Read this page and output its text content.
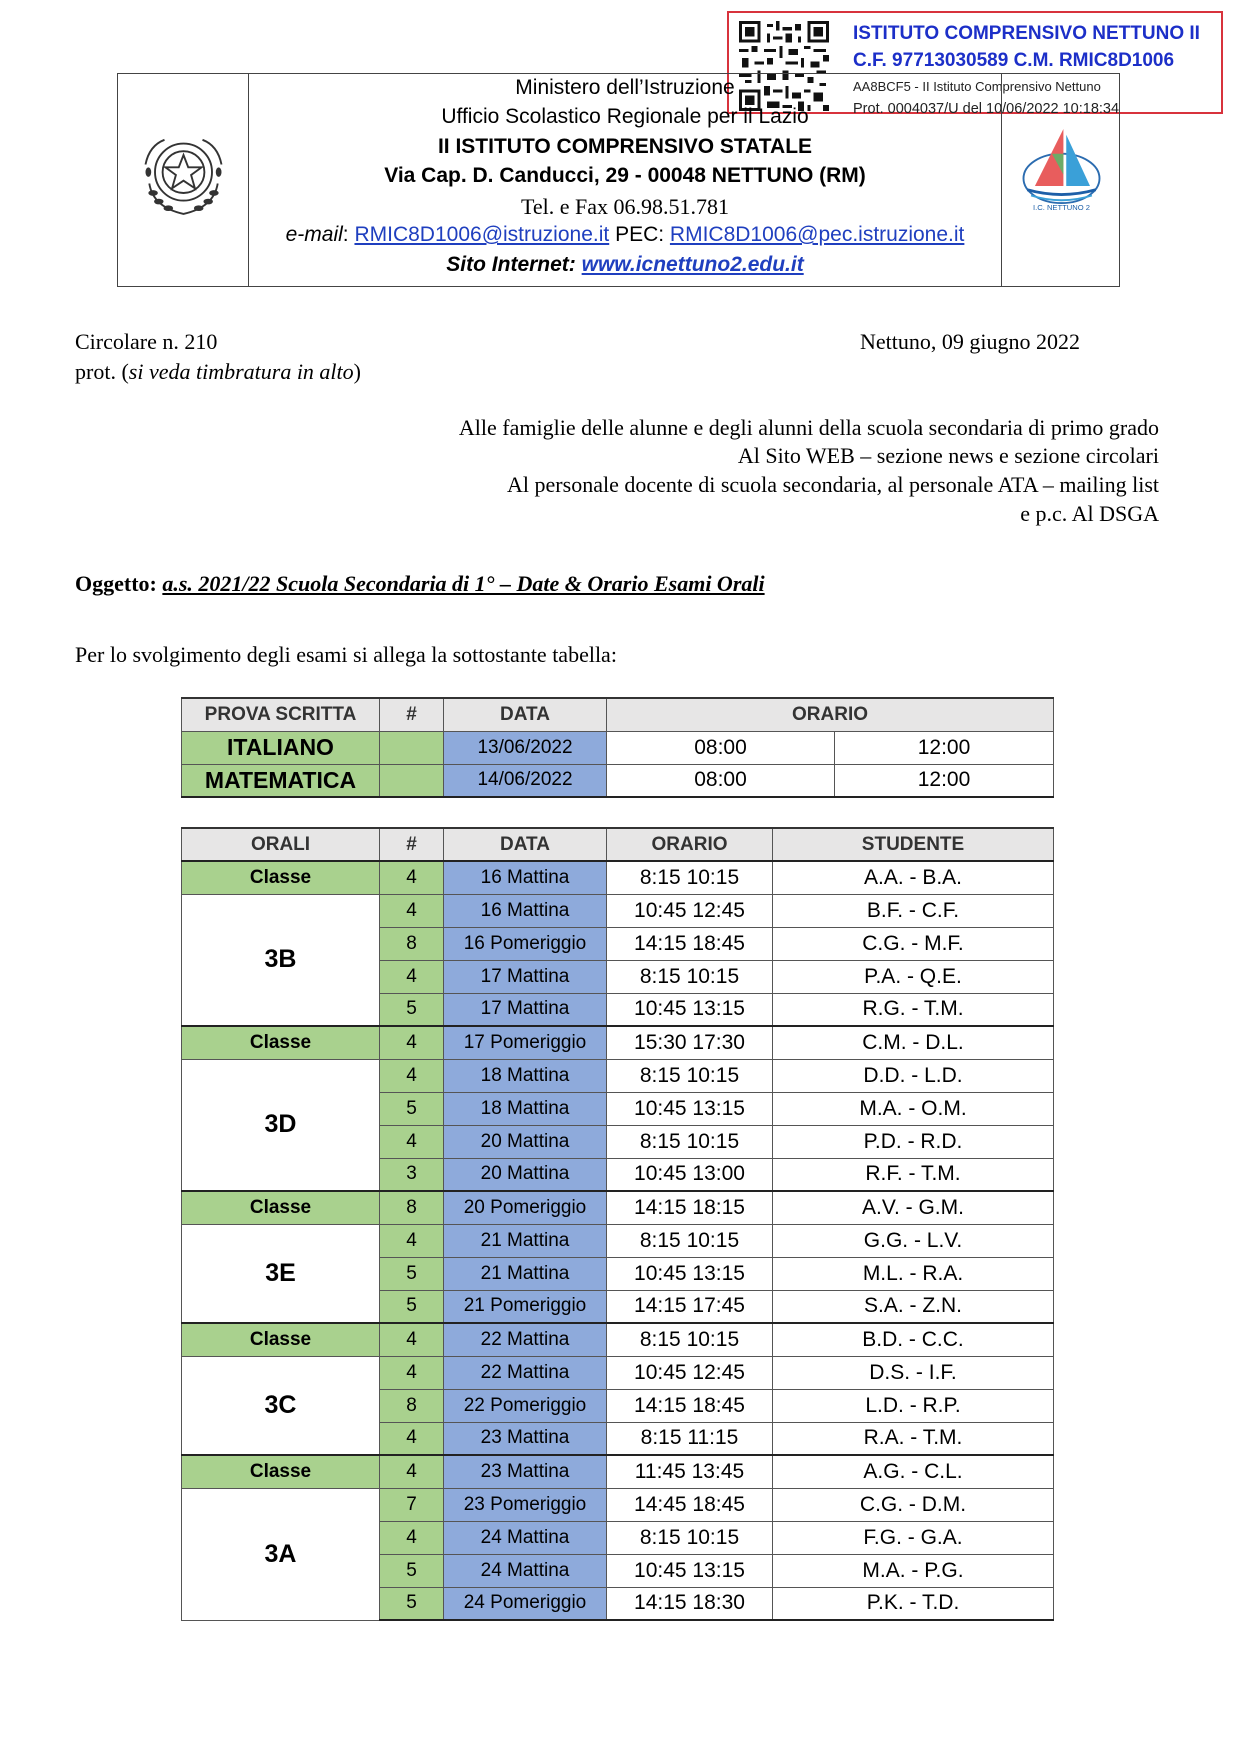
ISTITUTO COMPRENSIVO NETTUNO II
C.F. 97713030589 C.M. RMIC8D1006
AA8BCF5 - II Istituto Comprensivo Nettuno
Prot. 0004037/U del 10/06/2022 10:18:34
Ministero dell’Istruzione
Ufficio Scolastico Regionale per il Lazio
II ISTITUTO COMPRENSIVO STATALE
Via Cap. D. Canducci, 29 - 00048 NETTUNO (RM)
Tel. e Fax 06.98.51.781
e-mail: RMIC8D1006@istruzione.it PEC: RMIC8D1006@pec.istruzione.it
Sito Internet: www.icnettuno2.edu.it
I.C. NETTUNO 2
Circolare n. 210
prot. (si veda timbratura in alto)
Nettuno, 09 giugno 2022
Alle famiglie delle alunne e degli alunni della scuola secondaria di primo grado
Al Sito WEB – sezione news e sezione circolari
Al personale docente di scuola secondaria, al personale ATA – mailing list
e p.c. Al DSGA
Oggetto: a.s. 2021/22 Scuola Secondaria di 1° – Date & Orario Esami Orali
Per lo svolgimento degli esami si allega la sottostante tabella:
PROVA SCRITTA	#	DATA	ORARIO	
ITALIANO		13/06/2022	08:00	12:00
MATEMATICA		14/06/2022	08:00	12:00
ORALI	#	DATA	ORARIO	STUDENTE
Classe	4	16 Mattina	8:15 10:15	A.A. - B.A.
3B	4	16 Mattina	10:45 12:45	B.F. - C.F.
	8	16 Pomeriggio	14:15 18:45	C.G. - M.F.
	4	17 Mattina	8:15 10:15	P.A. - Q.E.
	5	17 Mattina	10:45 13:15	R.G. - T.M.
Classe	4	17 Pomeriggio	15:30 17:30	C.M. - D.L.
3D	4	18 Mattina	8:15 10:15	D.D. - L.D.
	5	18 Mattina	10:45 13:15	M.A. - O.M.
	4	20 Mattina	8:15 10:15	P.D. - R.D.
	3	20 Mattina	10:45 13:00	R.F. - T.M.
Classe	8	20 Pomeriggio	14:15 18:15	A.V. - G.M.
3E	4	21 Mattina	8:15 10:15	G.G. - L.V.
	5	21 Mattina	10:45 13:15	M.L. - R.A.
	5	21 Pomeriggio	14:15 17:45	S.A. - Z.N.
Classe	4	22 Mattina	8:15 10:15	B.D. - C.C.
3C	4	22 Mattina	10:45 12:45	D.S. - I.F.
	8	22 Pomeriggio	14:15 18:45	L.D. - R.P.
	4	23 Mattina	8:15 11:15	R.A. - T.M.
Classe	4	23 Mattina	11:45 13:45	A.G. - C.L.
3A	7	23 Pomeriggio	14:45 18:45	C.G. - D.M.
	4	24 Mattina	8:15 10:15	F.G. - G.A.
	5	24 Mattina	10:45 13:15	M.A. - P.G.
	5	24 Pomeriggio	14:15 18:30	P.K. - T.D.
